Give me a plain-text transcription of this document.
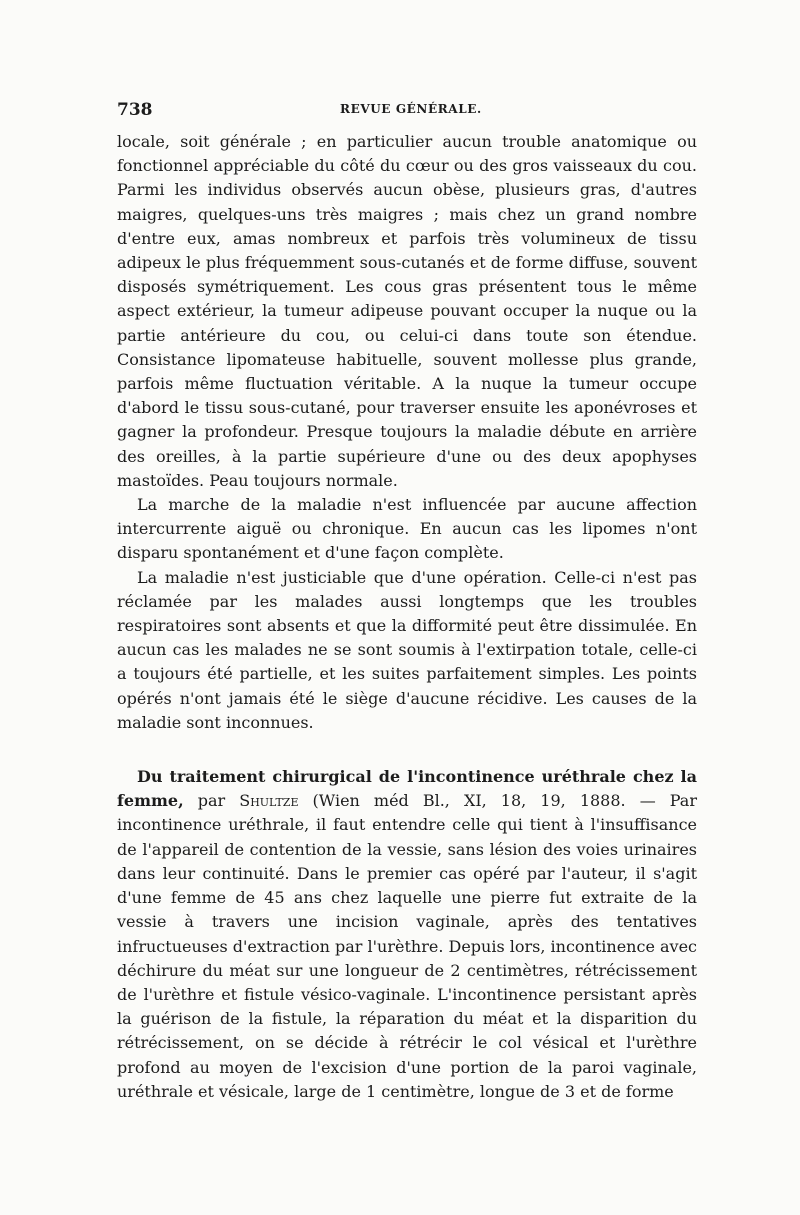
738	REVUE GÉNÉRALE.

locale, soit générale ; en particulier aucun trouble anatomique ou fonctionnel appréciable du côté du cœur ou des gros vaisseaux du cou. Parmi les individus observés aucun obèse, plusieurs gras, d'autres maigres, quelques-uns très maigres ; mais chez un grand nombre d'entre eux, amas nombreux et parfois très volumineux de tissu adipeux le plus fréquemment sous-cutanés et de forme diffuse, souvent disposés symétriquement. Les cous gras présentent tous le même aspect extérieur, la tumeur adipeuse pouvant occuper la nuque ou la partie antérieure du cou, ou celui-ci dans toute son étendue. Consistance lipomateuse habituelle, souvent mollesse plus grande, parfois même fluctuation véritable. A la nuque la tumeur occupe d'abord le tissu sous-cutané, pour traverser ensuite les aponévroses et gagner la profondeur. Presque toujours la maladie débute en arrière des oreilles, à la partie supérieure d'une ou des deux apophyses mastoïdes. Peau toujours normale.

La marche de la maladie n'est influencée par aucune affection intercurrente aiguë ou chronique. En aucun cas les lipomes n'ont disparu spontanément et d'une façon complète.

La maladie n'est justiciable que d'une opération. Celle-ci n'est pas réclamée par les malades aussi longtemps que les troubles respiratoires sont absents et que la difformité peut être dissimulée. En aucun cas les malades ne se sont soumis à l'extirpation totale, celle-ci a toujours été partielle, et les suites parfaitement simples. Les points opérés n'ont jamais été le siège d'aucune récidive. Les causes de la maladie sont inconnues.

Du traitement chirurgical de l'incontinence uréthrale chez la femme, par Shultze (Wien méd Bl., XI, 18, 19, 1888. — Par incontinence uréthrale, il faut entendre celle qui tient à l'insuffisance de l'appareil de contention de la vessie, sans lésion des voies urinaires dans leur continuité. Dans le premier cas opéré par l'auteur, il s'agit d'une femme de 45 ans chez laquelle une pierre fut extraite de la vessie à travers une incision vaginale, après des tentatives infructueuses d'extraction par l'urèthre. Depuis lors, incontinence avec déchirure du méat sur une longueur de 2 centimètres, rétrécissement de l'urèthre et fistule vésico-vaginale. L'incontinence persistant après la guérison de la fistule, la réparation du méat et la disparition du rétrécissement, on se décide à rétrécir le col vésical et l'urèthre profond au moyen de l'excision d'une portion de la paroi vaginale, uréthrale et vésicale, large de 1 centimètre, longue de 3 et de forme
